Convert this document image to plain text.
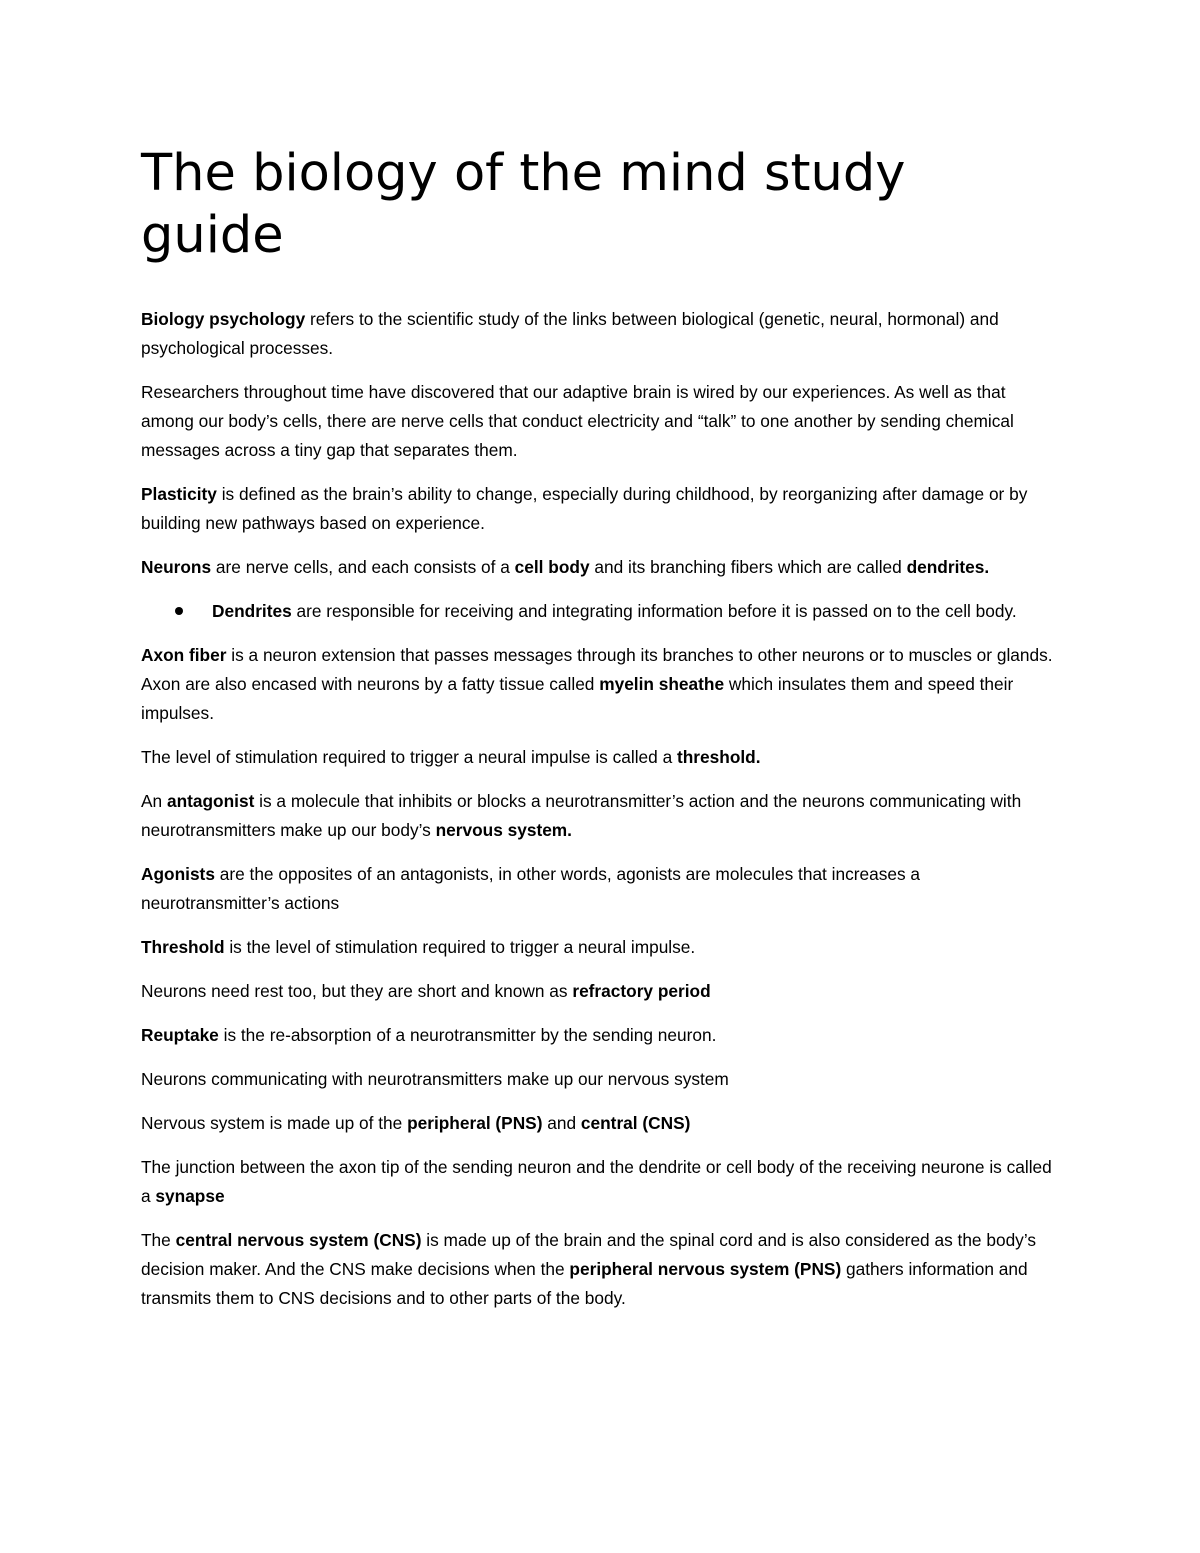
The biology of the mind study guide

Biology psychology refers to the scientific study of the links between biological (genetic, neural, hormonal) and psychological processes.

Researchers throughout time have discovered that our adaptive brain is wired by our experiences. As well as that among our body’s cells, there are nerve cells that conduct electricity and “talk” to one another by sending chemical messages across a tiny gap that separates them.

Plasticity is defined as the brain’s ability to change, especially during childhood, by reorganizing after damage or by building new pathways based on experience.

Neurons are nerve cells, and each consists of a cell body and its branching fibers which are called dendrites.

Dendrites are responsible for receiving and integrating information before it is passed on to the cell body.

Axon fiber is a neuron extension that passes messages through its branches to other neurons or to muscles or glands. Axon are also encased with neurons by a fatty tissue called myelin sheathe which insulates them and speed their impulses.

The level of stimulation required to trigger a neural impulse is called a threshold.

An antagonist is a molecule that inhibits or blocks a neurotransmitter’s action and the neurons communicating with neurotransmitters make up our body’s nervous system.

Agonists are the opposites of an antagonists, in other words, agonists are molecules that increases a neurotransmitter’s actions

Threshold is the level of stimulation required to trigger a neural impulse.

Neurons need rest too, but they are short and known as refractory period

Reuptake is the re-absorption of a neurotransmitter by the sending neuron.

Neurons communicating with neurotransmitters make up our nervous system

Nervous system is made up of the peripheral (PNS) and central (CNS)

The junction between the axon tip of the sending neuron and the dendrite or cell body of the receiving neurone is called a synapse

The central nervous system (CNS) is made up of the brain and the spinal cord and is also considered as the body’s decision maker. And the CNS make decisions when the peripheral nervous system (PNS) gathers information and transmits them to CNS decisions and to other parts of the body.
